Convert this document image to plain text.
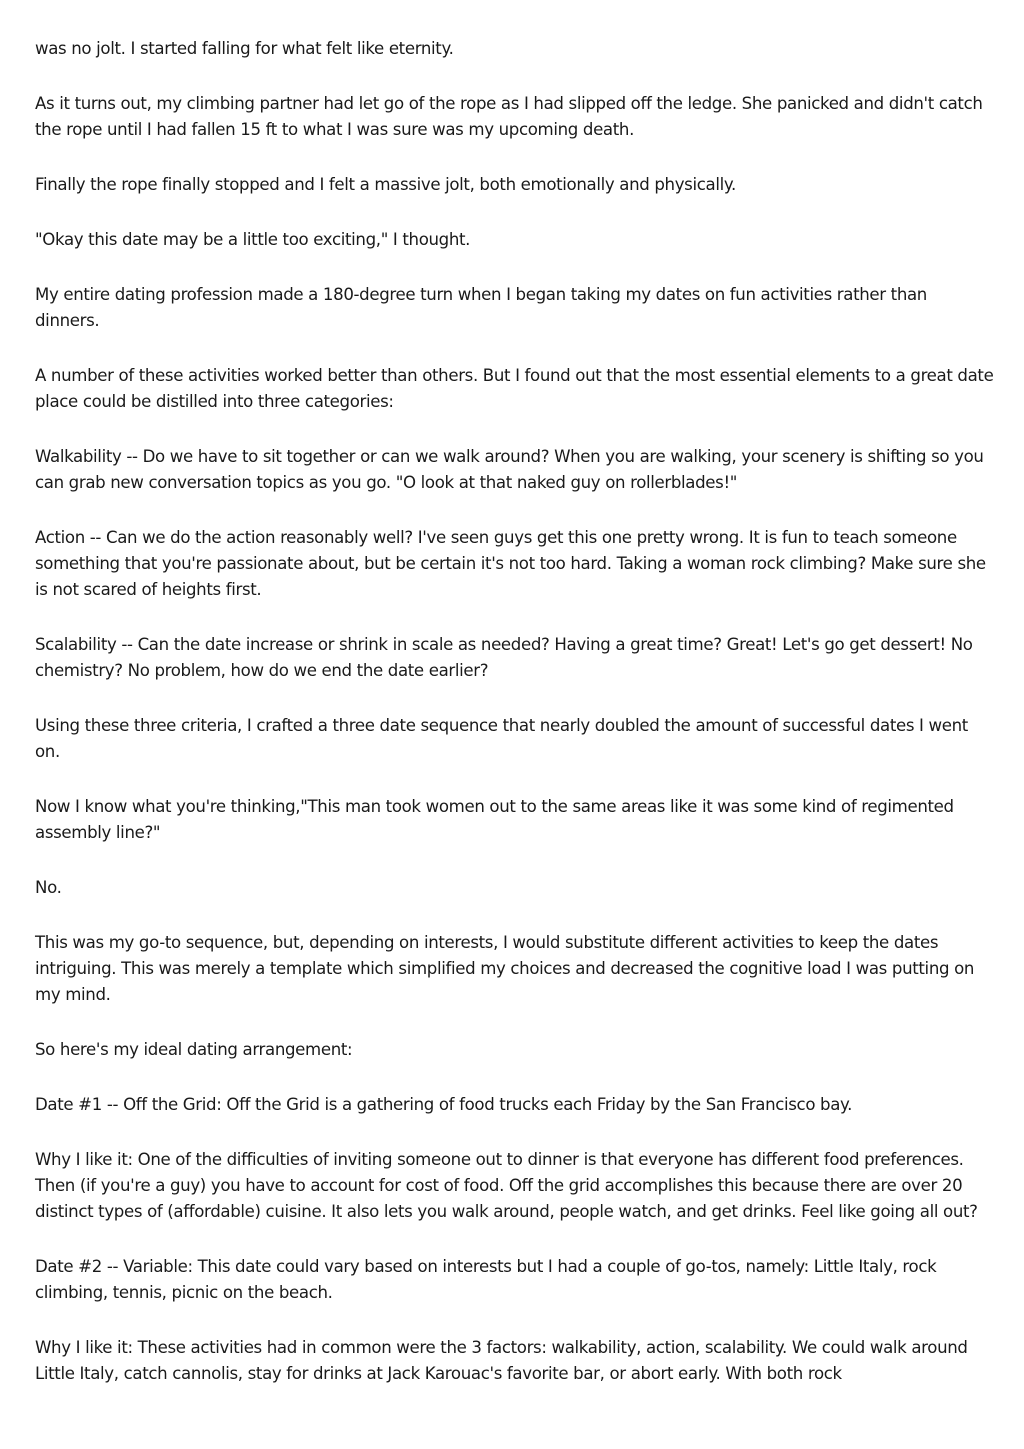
was no jolt. I started falling for what felt like eternity.

As it turns out, my climbing partner had let go of the rope as I had slipped off the ledge. She panicked and didn't catch the rope until I had fallen 15 ft to what I was sure was my upcoming death.

Finally the rope finally stopped and I felt a massive jolt, both emotionally and physically.

"Okay this date may be a little too exciting," I thought.

My entire dating profession made a 180-degree turn when I began taking my dates on fun activities rather than dinners.

A number of these activities worked better than others. But I found out that the most essential elements to a great date place could be distilled into three categories:

Walkability -- Do we have to sit together or can we walk around? When you are walking, your scenery is shifting so you can grab new conversation topics as you go. "O look at that naked guy on rollerblades!"

Action -- Can we do the action reasonably well? I've seen guys get this one pretty wrong. It is fun to teach someone something that you're passionate about, but be certain it's not too hard. Taking a woman rock climbing? Make sure she is not scared of heights first.

Scalability -- Can the date increase or shrink in scale as needed? Having a great time? Great! Let's go get dessert! No chemistry? No problem, how do we end the date earlier?

Using these three criteria, I crafted a three date sequence that nearly doubled the amount of successful dates I went on.

Now I know what you're thinking,"This man took women out to the same areas like it was some kind of regimented assembly line?"

No.

This was my go-to sequence, but, depending on interests, I would substitute different activities to keep the dates intriguing. This was merely a template which simplified my choices and decreased the cognitive load I was putting on my mind.

So here's my ideal dating arrangement:

Date #1 -- Off the Grid: Off the Grid is a gathering of food trucks each Friday by the San Francisco bay.

Why I like it: One of the difficulties of inviting someone out to dinner is that everyone has different food preferences. Then (if you're a guy) you have to account for cost of food. Off the grid accomplishes this because there are over 20 distinct types of (affordable) cuisine. It also lets you walk around, people watch, and get drinks. Feel like going all out?

Date #2 -- Variable: This date could vary based on interests but I had a couple of go-tos, namely: Little Italy, rock climbing, tennis, picnic on the beach.

Why I like it: These activities had in common were the 3 factors: walkability, action, scalability. We could walk around Little Italy, catch cannolis, stay for drinks at Jack Karouac's favorite bar, or abort early. With both rock
